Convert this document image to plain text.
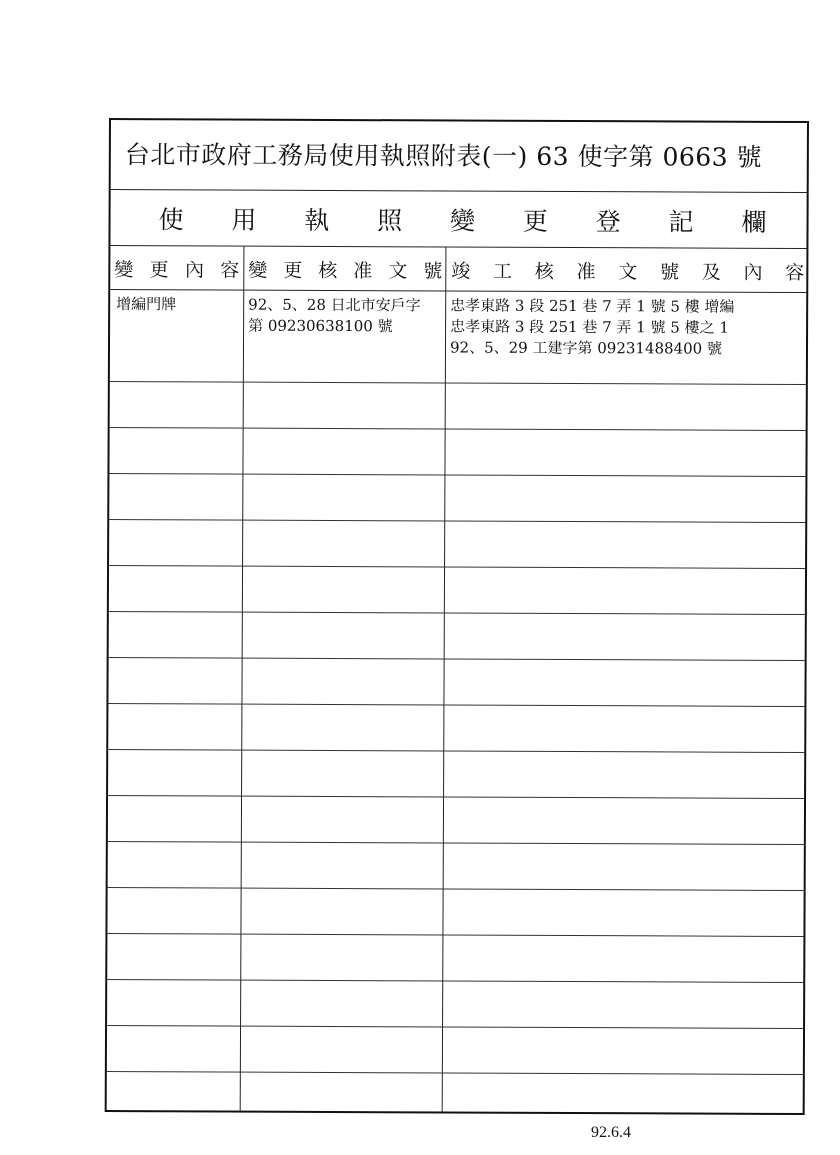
台北市政府工務局使用執照附表(一) 63 使字第 0663 號
使 用 執 照 變 更 登 記 欄
變 更 內 容 變 更 核 准 文 號 竣 工 核 准 文 號 及 內 容
增編門牌	92、5、28 日北市安戶字
第 09230638100 號
忠孝東路 3 段 251 巷 7 弄 1 號 5 樓 增編
忠孝東路 3 段 251 巷 7 弄 1 號 5 樓之 1
92、5、29 工建字第 09231488400 號
92.6.4
